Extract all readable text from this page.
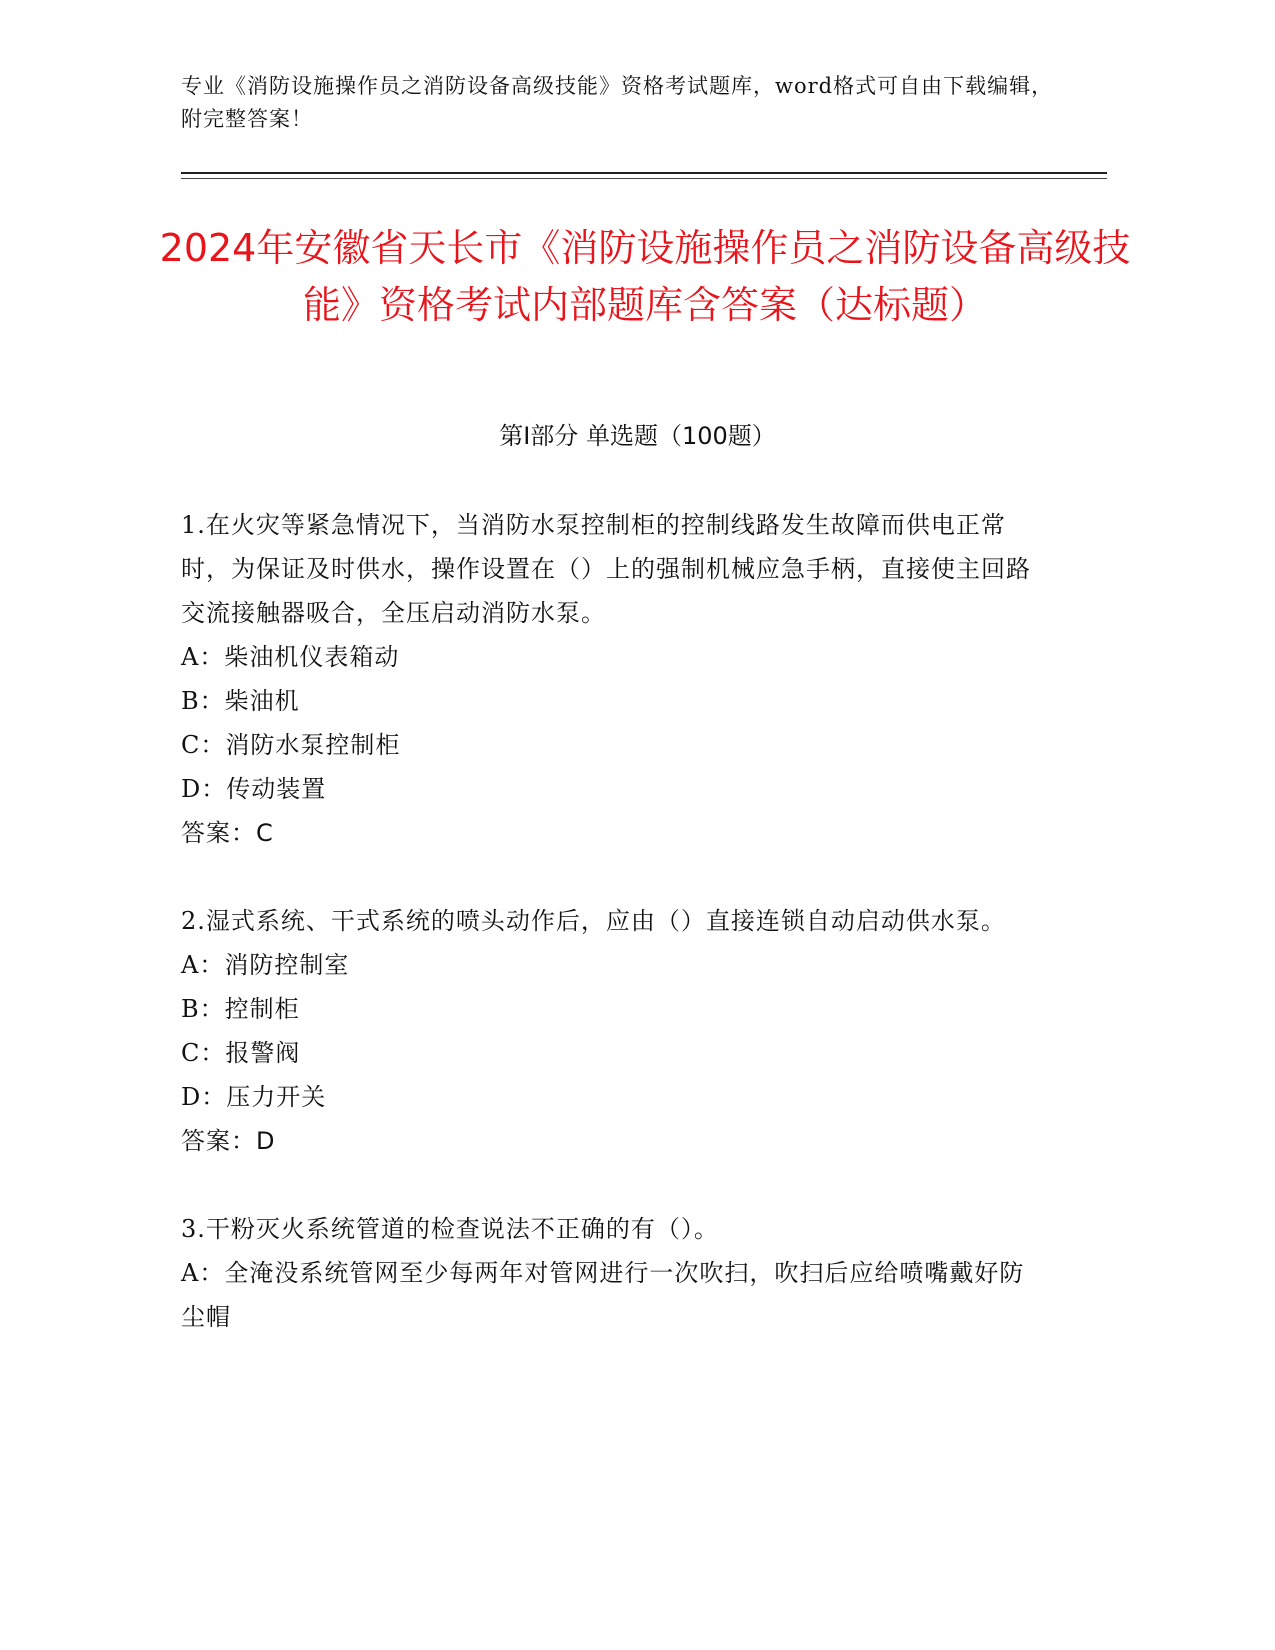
专业《消防设施操作员之消防设备高级技能》资格考试题库，word格式可自由下载编辑，附完整答案！
2024年安徽省天长市《消防设施操作员之消防设备高级技能》资格考试内部题库含答案（达标题）
第Ⅰ部分 单选题（100题）

1.在火灾等紧急情况下，当消防水泵控制柜的控制线路发生故障而供电正常时，为保证及时供水，操作设置在（）上的强制机械应急手柄，直接使主回路交流接触器吸合，全压启动消防水泵。

A：柴油机仪表箱动

B：柴油机

C：消防水泵控制柜

D：传动装置

答案：C

2.湿式系统、干式系统的喷头动作后，应由（）直接连锁自动启动供水泵。

A：消防控制室

B：控制柜

C：报警阀

D：压力开关

答案：D

3.干粉灭火系统管道的检查说法不正确的有（）。

A：全淹没系统管网至少每两年对管网进行一次吹扫，吹扫后应给喷嘴戴好防尘帽
